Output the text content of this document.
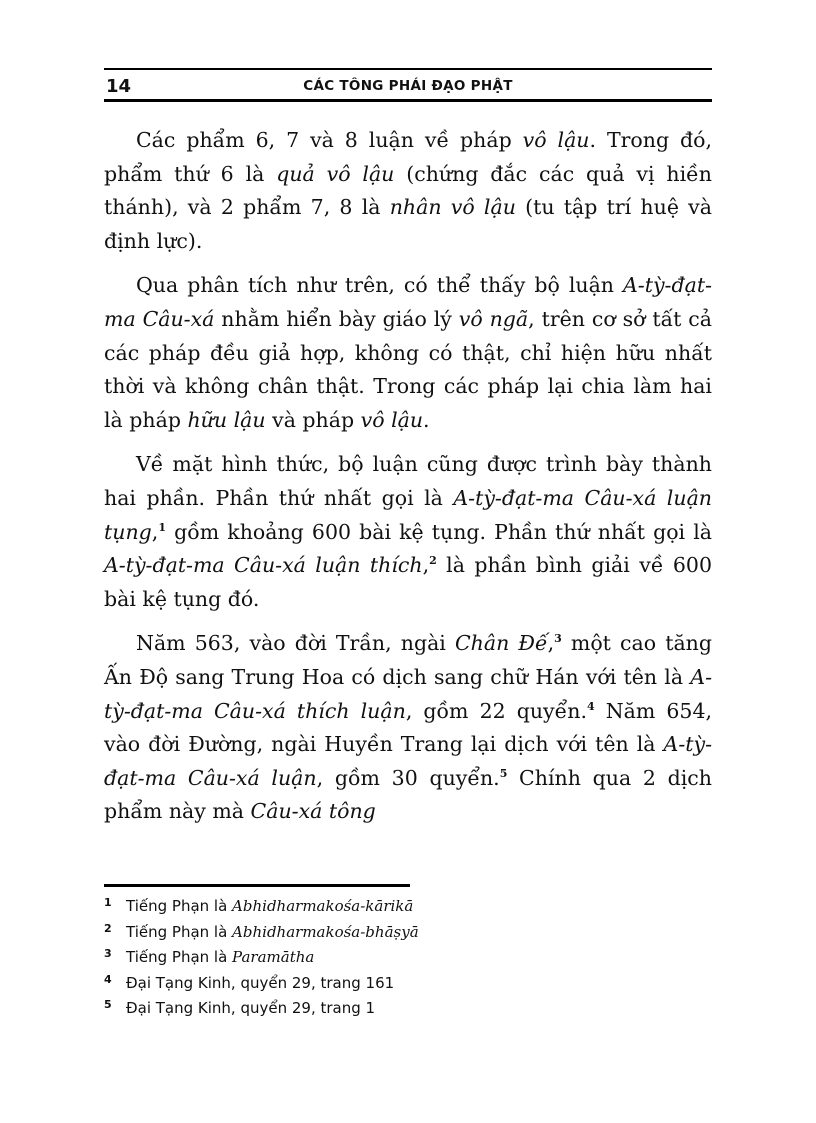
14	CÁC TÔNG PHÁI ĐẠO PHẬT

Các phẩm 6, 7 và 8 luận về pháp vô lậu. Trong đó, phẩm thứ 6 là quả vô lậu (chứng đắc các quả vị hiền thánh), và 2 phẩm 7, 8 là nhân vô lậu (tu tập trí huệ và định lực).

Qua phân tích như trên, có thể thấy bộ luận A-tỳ-đạt-ma Câu-xá nhằm hiển bày giáo lý vô ngã, trên cơ sở tất cả các pháp đều giả hợp, không có thật, chỉ hiện hữu nhất thời và không chân thật. Trong các pháp lại chia làm hai là pháp hữu lậu và pháp vô lậu.

Về mặt hình thức, bộ luận cũng được trình bày thành hai phần. Phần thứ nhất gọi là A-tỳ-đạt-ma Câu-xá luận tụng,$^1$ gồm khoảng 600 bài kệ tụng. Phần thứ nhất gọi là A-tỳ-đạt-ma Câu-xá luận thích,$^2$ là phần bình giải về 600 bài kệ tụng đó.

Năm 563, vào đời Trần, ngài Chân Đế,$^3$ một cao tăng Ấn Độ sang Trung Hoa có dịch sang chữ Hán với tên là A-tỳ-đạt-ma Câu-xá thích luận, gồm 22 quyển.$^4$ Năm 654, vào đời Đường, ngài Huyền Trang lại dịch với tên là A-tỳ-đạt-ma Câu-xá luận, gồm 30 quyển.$^5$ Chính qua 2 dịch phẩm này mà Câu-xá tông

1 Tiếng Phạn là Abhidharmakośa-kārikā
2 Tiếng Phạn là Abhidharmakośa-bhāṣyā
3 Tiếng Phạn là Paramātha
4 Đại Tạng Kinh, quyển 29, trang 161
5 Đại Tạng Kinh, quyển 29, trang 1
